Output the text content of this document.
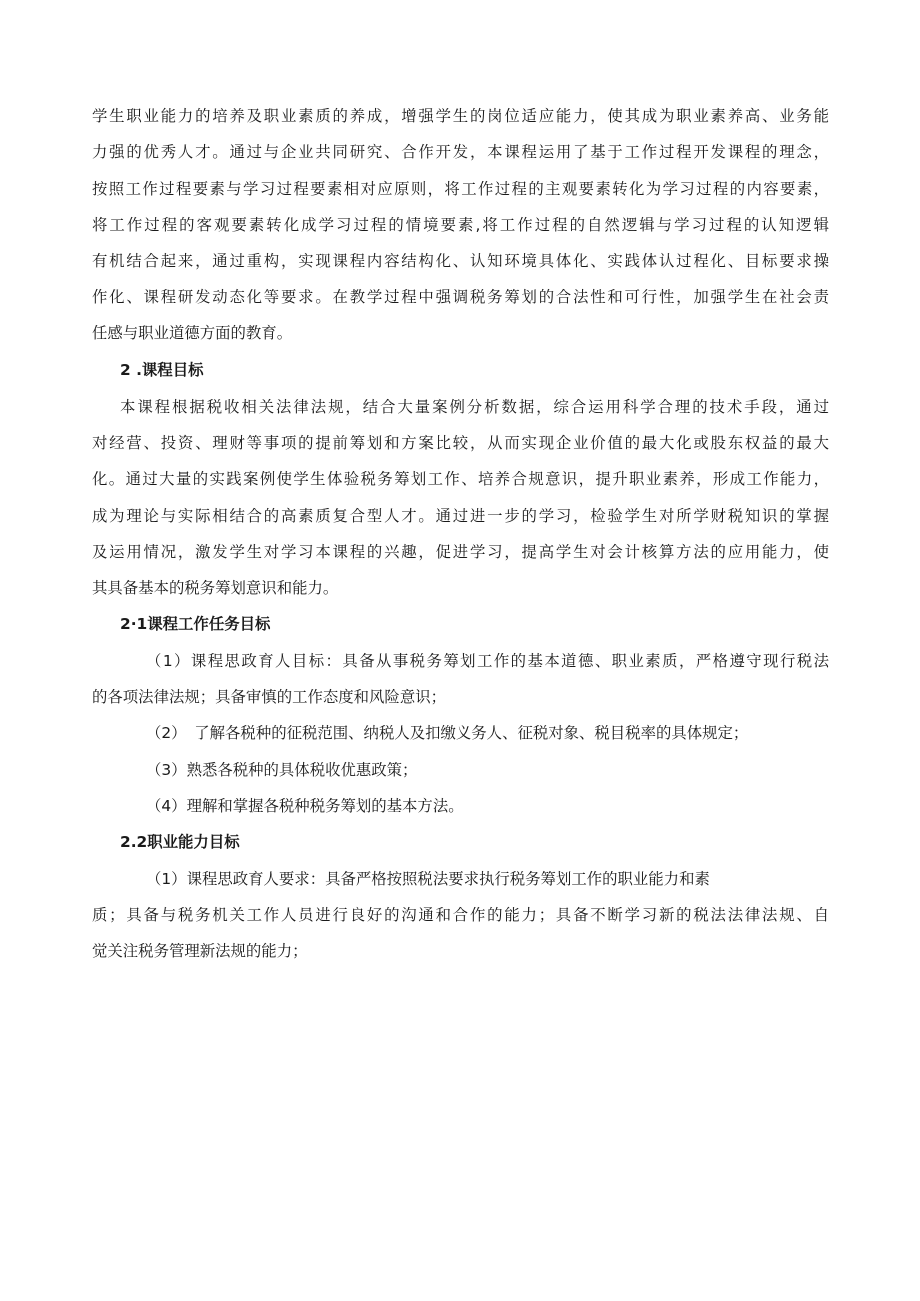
学生职业能力的培养及职业素质的养成，增强学生的岗位适应能力，使其成为职业素养高、业务能
力强的优秀人才。通过与企业共同研究、合作开发，本课程运用了基于工作过程开发课程的理念，
按照工作过程要素与学习过程要素相对应原则，将工作过程的主观要素转化为学习过程的内容要素，
将工作过程的客观要素转化成学习过程的情境要素,将工作过程的自然逻辑与学习过程的认知逻辑
有机结合起来，通过重构，实现课程内容结构化、认知环境具体化、实践体认过程化、目标要求操
作化、课程研发动态化等要求。在教学过程中强调税务筹划的合法性和可行性，加强学生在社会责
任感与职业道德方面的教育。
2 .课程目标
本课程根据税收相关法律法规，结合大量案例分析数据，综合运用科学合理的技术手段，通过
对经营、投资、理财等事项的提前筹划和方案比较，从而实现企业价值的最大化或股东权益的最大
化。通过大量的实践案例使学生体验税务筹划工作、培养合规意识，提升职业素养，形成工作能力，
成为理论与实际相结合的高素质复合型人才。通过进一步的学习，检验学生对所学财税知识的掌握
及运用情况，激发学生对学习本课程的兴趣，促进学习，提高学生对会计核算方法的应用能力，使
其具备基本的税务筹划意识和能力。
2·1课程工作任务目标
（1）课程思政育人目标：具备从事税务筹划工作的基本道德、职业素质，严格遵守现行税法
的各项法律法规；具备审慎的工作态度和风险意识；
（2）　了解各税种的征税范围、纳税人及扣缴义务人、征税对象、税目税率的具体规定；
（3）熟悉各税种的具体税收优惠政策；
（4）理解和掌握各税种税务筹划的基本方法。
2.2职业能力目标
（1）课程思政育人要求：具备严格按照税法要求执行税务筹划工作的职业能力和素
质；具备与税务机关工作人员进行良好的沟通和合作的能力；具备不断学习新的税法法律法规、自
觉关注税务管理新法规的能力；
